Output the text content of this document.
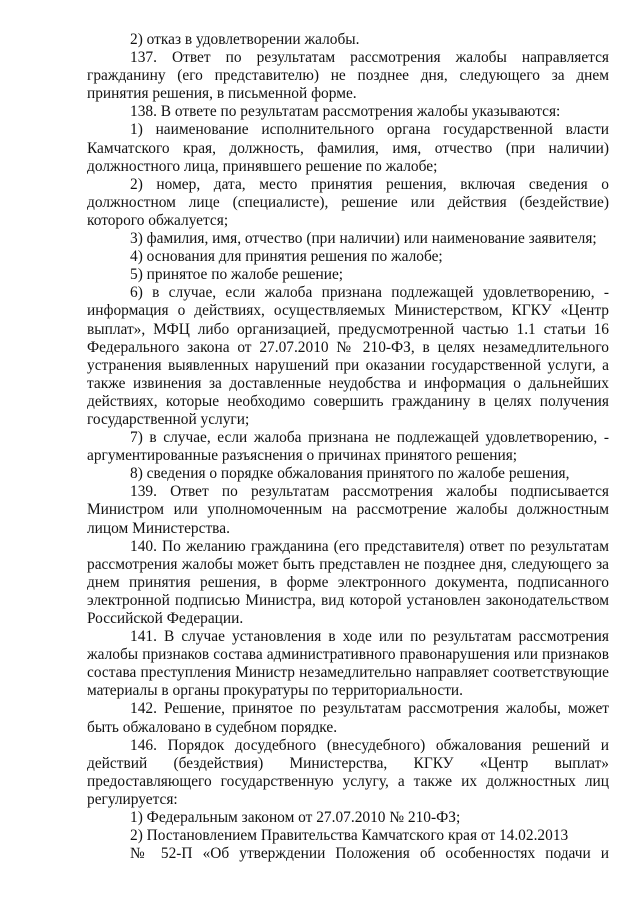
2) отказ в удовлетворении жалобы.

137. Ответ по результатам рассмотрения жалобы направляется гражданину (его представителю) не позднее дня, следующего за днем принятия решения, в письменной форме.

138. В ответе по результатам рассмотрения жалобы указываются:

1) наименование исполнительного органа государственной власти Камчатского края, должность, фамилия, имя, отчество (при наличии) должностного лица, принявшего решение по жалобе;

2) номер, дата, место принятия решения, включая сведения о должностном лице (специалисте), решение или действия (бездействие) которого обжалуется;

3) фамилия, имя, отчество (при наличии) или наименование заявителя;

4) основания для принятия решения по жалобе;

5) принятое по жалобе решение;

6) в случае, если жалоба признана подлежащей удовлетворению, - информация о действиях, осуществляемых Министерством, КГКУ «Центр выплат», МФЦ либо организацией, предусмотренной частью 1.1 статьи 16 Федерального закона от 27.07.2010 № 210-ФЗ, в целях незамедлительного устранения выявленных нарушений при оказании государственной услуги, а также извинения за доставленные неудобства и информация о дальнейших действиях, которые необходимо совершить гражданину в целях получения государственной услуги;

7) в случае, если жалоба признана не подлежащей удовлетворению, - аргументированные разъяснения о причинах принятого решения;

8) сведения о порядке обжалования принятого по жалобе решения,

139. Ответ по результатам рассмотрения жалобы подписывается Министром или уполномоченным на рассмотрение жалобы должностным лицом Министерства.

140. По желанию гражданина (его представителя) ответ по результатам рассмотрения жалобы может быть представлен не позднее дня, следующего за днем принятия решения, в форме электронного документа, подписанного электронной подписью Министра, вид которой установлен законодательством Российской Федерации.

141. В случае установления в ходе или по результатам рассмотрения жалобы признаков состава административного правонарушения или признаков состава преступления Министр незамедлительно направляет соответствующие материалы в органы прокуратуры по территориальности.

142. Решение, принятое по результатам рассмотрения жалобы, может быть обжаловано в судебном порядке.

146. Порядок досудебного (внесудебного) обжалования решений и действий (бездействия) Министерства, КГКУ «Центр выплат» предоставляющего государственную услугу, а также их должностных лиц регулируется:

1) Федеральным законом от 27.07.2010 № 210-ФЗ;

2) Постановлением Правительства Камчатского края от 14.02.2013

№ 52-П «Об утверждении Положения об особенностях подачи и
